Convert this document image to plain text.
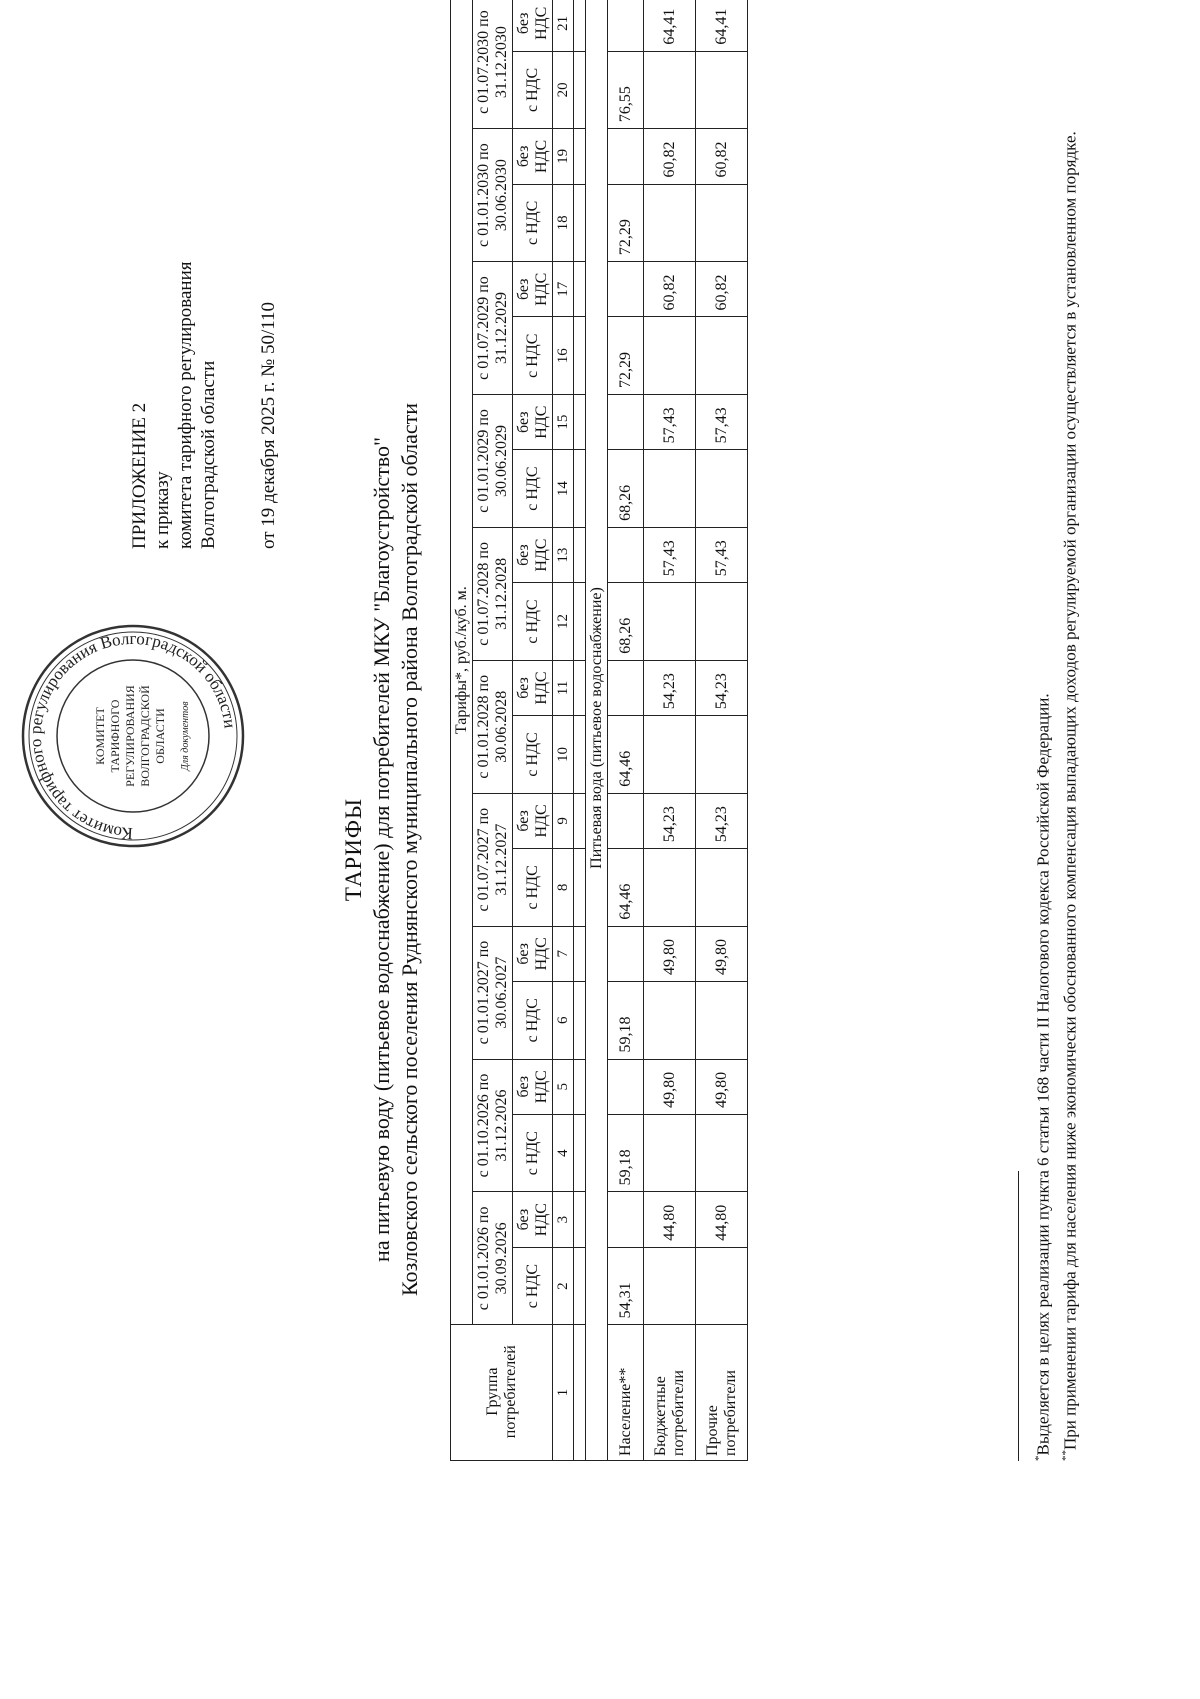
Комитет тарифного регулирования Волгоградской области
КОМИТЕТ ТАРИФНОГО РЕГУЛИРОВАНИЯ ВОЛГОГРАДСКОЙ ОБЛАСТИ Для документов
ПРИЛОЖЕНИЕ 2 к приказу комитета тарифного регулирования Волгоградской области от 19 декабря 2025 г. № 50/110
ТАРИФЫ на питьевую воду (питьевое водоснабжение) для потребителей МКУ "Благоустройство" Козловского сельского поселения Руднянского муниципального района Волгоградской области
Группа потребителей	Тарифы*, руб./куб. м.																			
	с 01.01.2026 по 30.09.2026		с 01.10.2026 по 31.12.2026		с 01.01.2027 по 30.06.2027		с 01.07.2027 по 31.12.2027		с 01.01.2028 по 30.06.2028		с 01.07.2028 по 31.12.2028		с 01.01.2029 по 30.06.2029		с 01.07.2029 по 31.12.2029		с 01.01.2030 по 30.06.2030		с 01.07.2030 по 31.12.2030	
	с НДС	без НДС	с НДС	без НДС	с НДС	без НДС	с НДС	без НДС	с НДС	без НДС	с НДС	без НДС	с НДС	без НДС	с НДС	без НДС	с НДС	без НДС	с НДС	без НДС
1	2	3	4	5	6	7	8	9	10	11	12	13	14	15	16	17	18	19	20	21

Питьевая вода (питьевое водоснабжение)																				
Население**	54,31		59,18		59,18		64,46		64,46		68,26		68,26		72,29		72,29		76,55	
Бюджетные потребители		44,80		49,80		49,80		54,23		54,23		57,43		57,43		60,82		60,82		64,41
Прочие потребители		44,80		49,80		49,80		54,23		54,23		57,43		57,43		60,82		60,82		64,41
*Выделяется в целях реализации пункта 6 статьи 168 части II Налогового кодекса Российской Федерации. **При применении тарифа для населения ниже экономически обоснованного компенсация выпадающих доходов регулируемой организации осуществляется в установленном порядке.
